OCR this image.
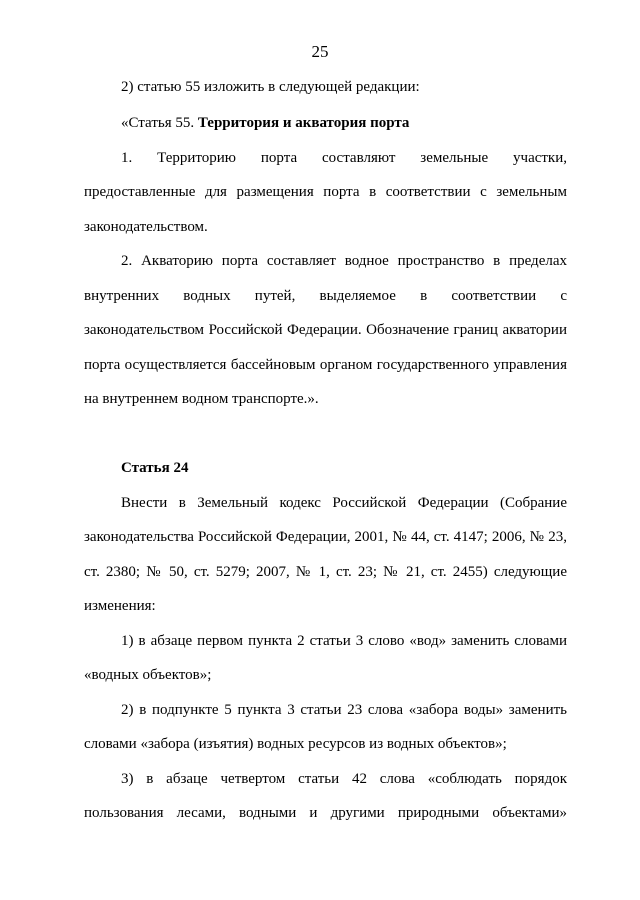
25
2) статью 55 изложить в следующей редакции:
«Статья 55. Территория и акватория порта
1. Территорию порта составляют земельные участки,
предоставленные для размещения порта в соответствии с земельным
законодательством.
2. Акваторию порта составляет водное пространство в пределах
внутренних водных путей, выделяемое в соответствии с
законодательством Российской Федерации. Обозначение границ акватории
порта осуществляется бассейновым органом государственного управления
на внутреннем водном транспорте.».
Статья 24
Внести в Земельный кодекс Российской Федерации (Собрание
законодательства Российской Федерации, 2001, № 44, ст. 4147; 2006, № 23,
ст. 2380; № 50, ст. 5279; 2007, № 1, ст. 23; № 21, ст. 2455) следующие
изменения:
1) в абзаце первом пункта 2 статьи 3 слово «вод» заменить словами
«водных объектов»;
2) в подпункте 5 пункта 3 статьи 23 слова «забора воды» заменить
словами «забора (изъятия) водных ресурсов из водных объектов»;
3) в абзаце четвертом статьи 42 слова «соблюдать порядок
пользования лесами, водными и другими природными объектами»
